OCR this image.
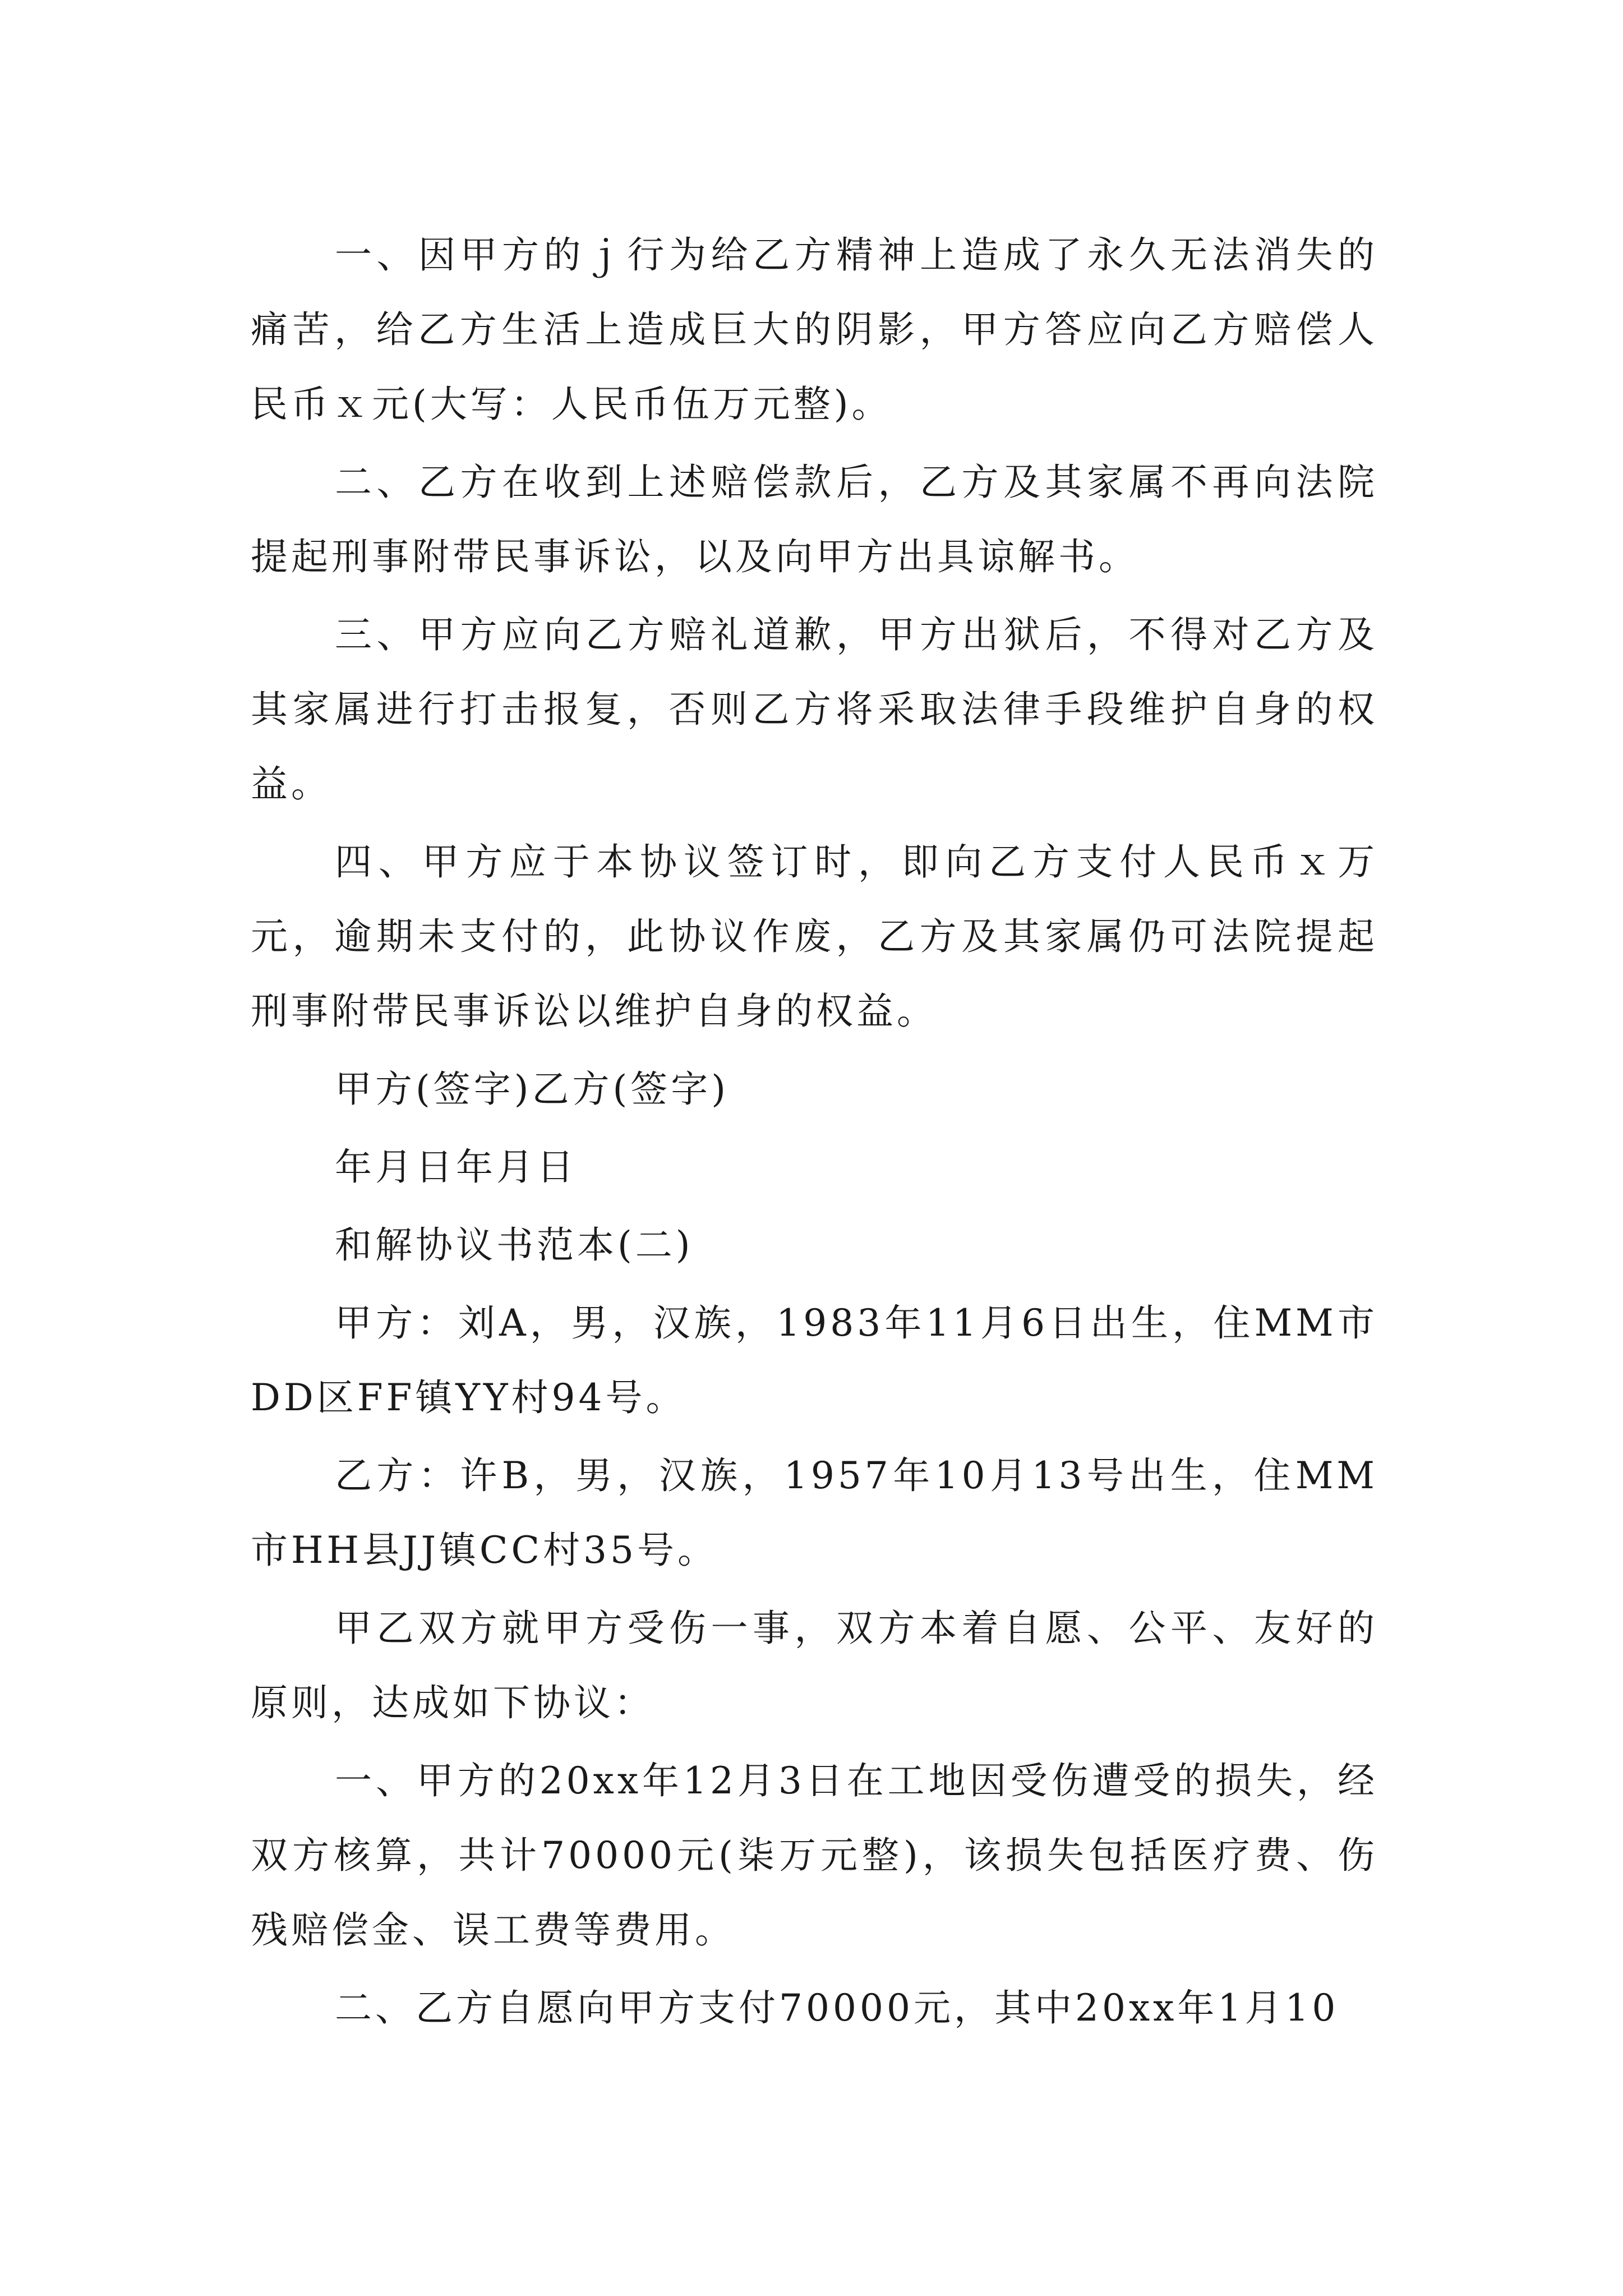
一、因甲方的ｊ行为给乙方精神上造成了永久无法消失的痛苦，给乙方生活上造成巨大的阴影，甲方答应向乙方赔偿人民币ｘ元(大写：人民币伍万元整)。

二、乙方在收到上述赔偿款后，乙方及其家属不再向法院提起刑事附带民事诉讼，以及向甲方出具谅解书。

三、甲方应向乙方赔礼道歉，甲方出狱后，不得对乙方及其家属进行打击报复，否则乙方将采取法律手段维护自身的权益。

四、甲方应于本协议签订时，即向乙方支付人民币ｘ万元，逾期未支付的，此协议作废，乙方及其家属仍可法院提起刑事附带民事诉讼以维护自身的权益。

甲方(签字)乙方(签字)

年月日年月日

和解协议书范本(二)

甲方：刘A，男，汉族，1983年11月6日出生，住MM市DD区FF镇YY村94号。

乙方：许B，男，汉族，1957年10月13号出生，住MM市HH县JJ镇CC村35号。

甲乙双方就甲方受伤一事，双方本着自愿、公平、友好的原则，达成如下协议：

一、甲方的20xx年12月3日在工地因受伤遭受的损失，经双方核算，共计70000元(柒万元整)，该损失包括医疗费、伤残赔偿金、误工费等费用。

二、乙方自愿向甲方支付70000元，其中20xx年1月10
